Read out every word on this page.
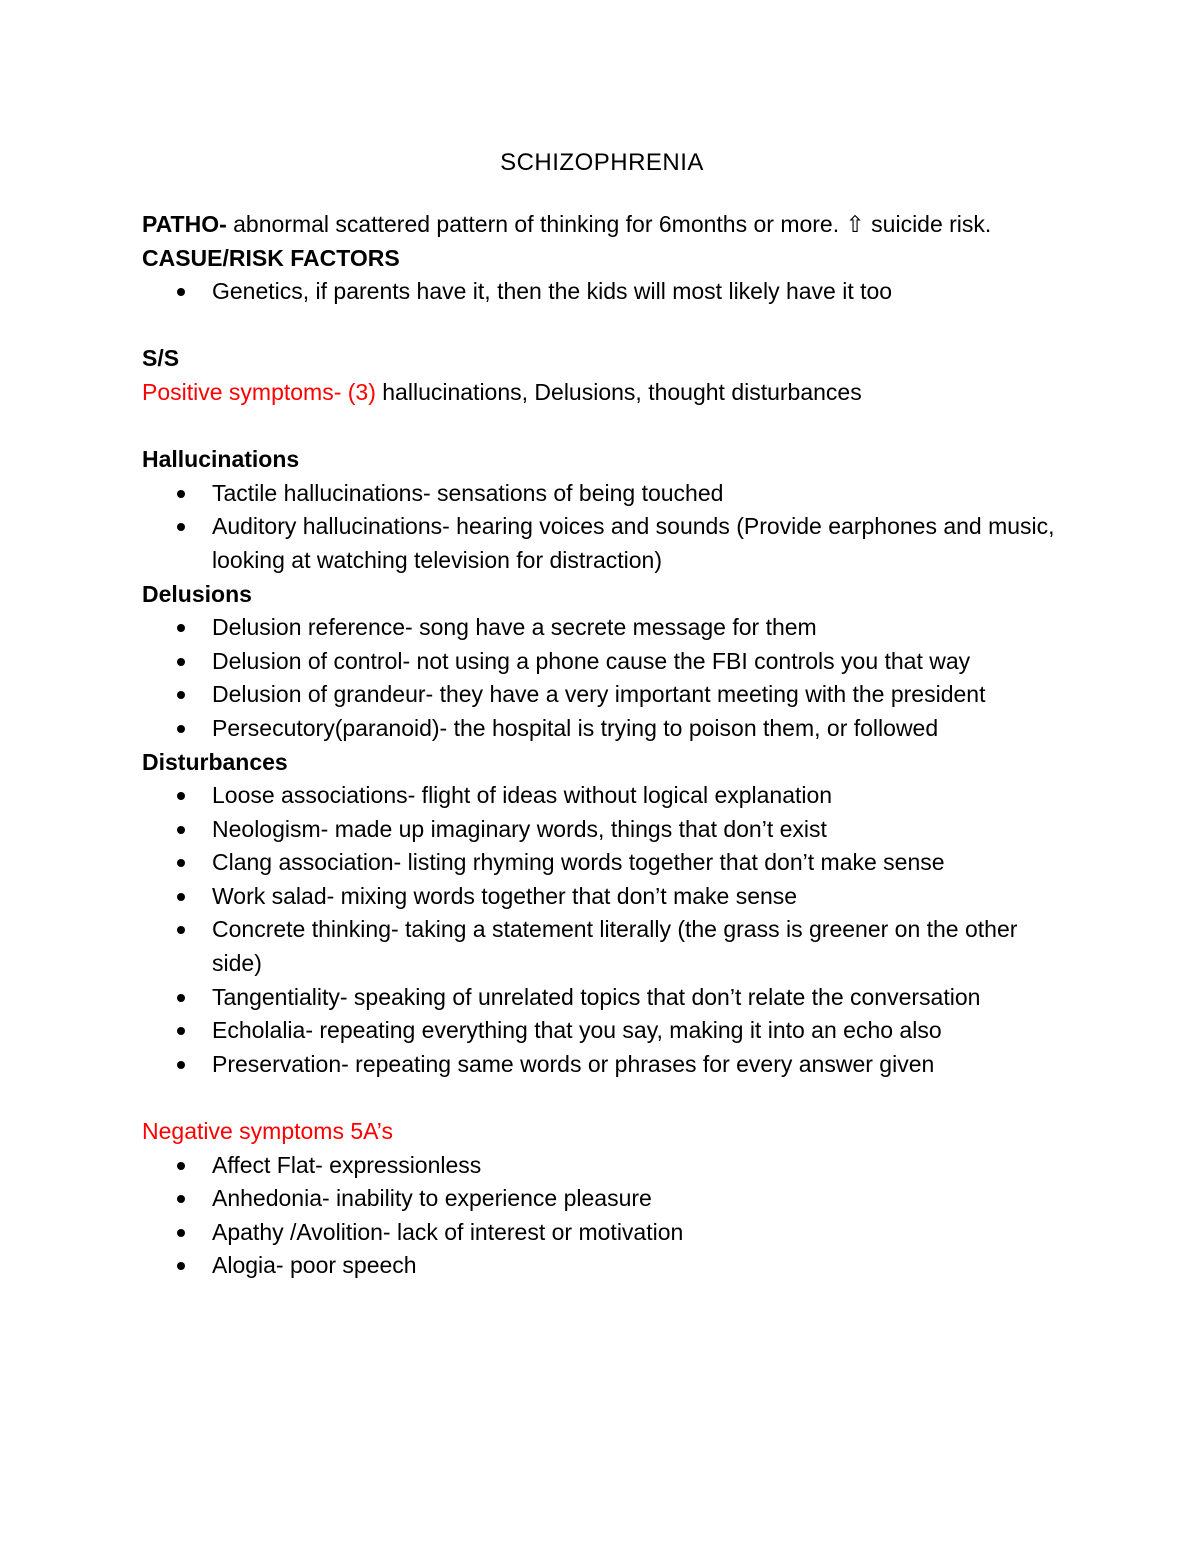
SCHIZOPHRENIA

PATHO- abnormal scattered pattern of thinking for 6months or more. ⇧ suicide risk.

CASUE/RISK FACTORS

Genetics, if parents have it, then the kids will most likely have it too

S/S

Positive symptoms- (3) hallucinations, Delusions, thought disturbances

Hallucinations

Tactile hallucinations- sensations of being touched
Auditory hallucinations- hearing voices and sounds (Provide earphones and music, looking at watching television for distraction)

Delusions

Delusion reference- song have a secrete message for them
Delusion of control- not using a phone cause the FBI controls you that way
Delusion of grandeur- they have a very important meeting with the president
Persecutory(paranoid)- the hospital is trying to poison them, or followed

Disturbances

Loose associations- flight of ideas without logical explanation
Neologism- made up imaginary words, things that don’t exist
Clang association- listing rhyming words together that don’t make sense
Work salad- mixing words together that don’t make sense
Concrete thinking- taking a statement literally (the grass is greener on the other side)
Tangentiality- speaking of unrelated topics that don’t relate the conversation
Echolalia- repeating everything that you say, making it into an echo also
Preservation- repeating same words or phrases for every answer given

Negative symptoms 5A’s

Affect Flat- expressionless
Anhedonia- inability to experience pleasure
Apathy /Avolition- lack of interest or motivation
Alogia- poor speech
